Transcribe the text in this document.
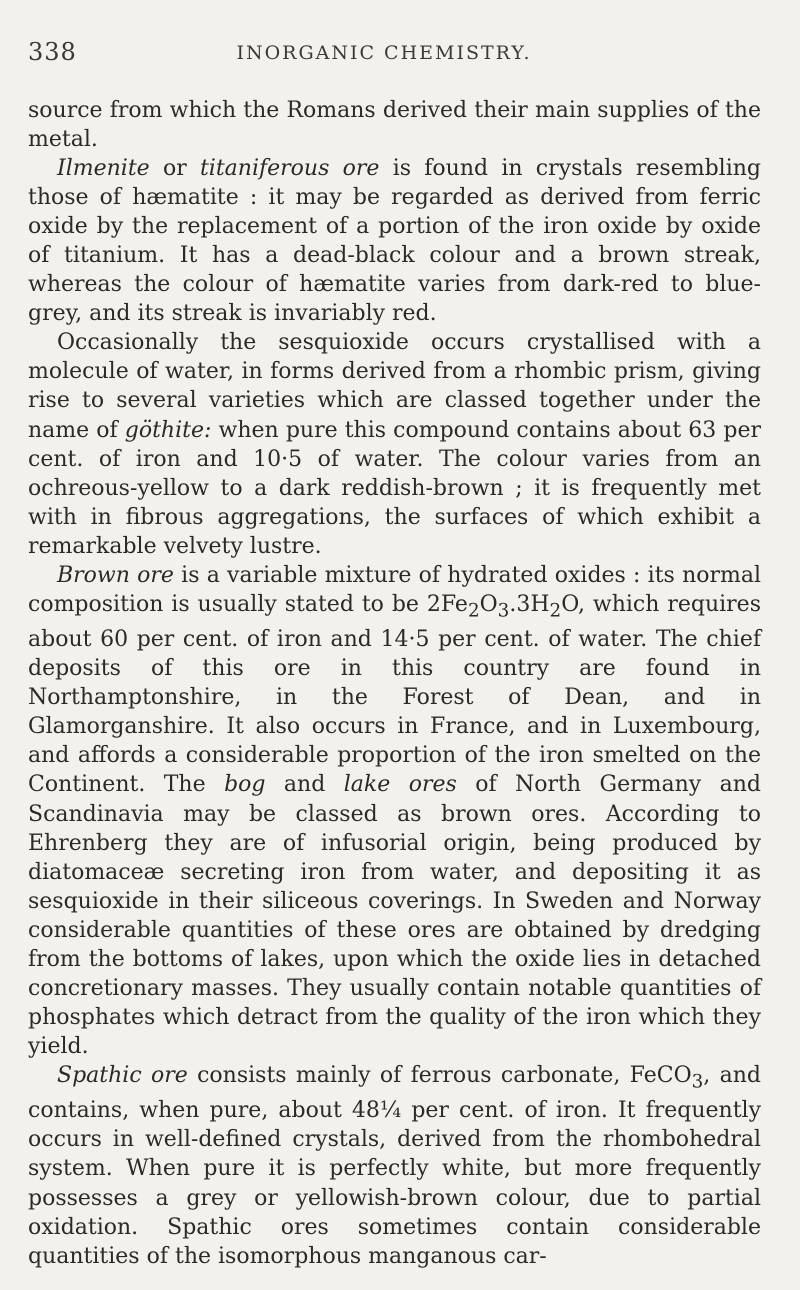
338	INORGANIC CHEMISTRY.

source from which the Romans derived their main supplies of the metal.

Ilmenite or titaniferous ore is found in crystals resembling those of hæmatite : it may be regarded as derived from ferric oxide by the replacement of a portion of the iron oxide by oxide of titanium. It has a dead-black colour and a brown streak, whereas the colour of hæmatite varies from dark-red to blue-grey, and its streak is invariably red.

Occasionally the sesquioxide occurs crystallised with a molecule of water, in forms derived from a rhombic prism, giving rise to several varieties which are classed together under the name of göthite: when pure this compound contains about 63 per cent. of iron and 10·5 of water. The colour varies from an ochreous-yellow to a dark reddish-brown ; it is frequently met with in fibrous aggregations, the surfaces of which exhibit a remarkable velvety lustre.

Brown ore is a variable mixture of hydrated oxides : its normal composition is usually stated to be $2Fe_2O_3.3H_2O$, which requires about 60 per cent. of iron and 14·5 per cent. of water. The chief deposits of this ore in this country are found in Northamptonshire, in the Forest of Dean, and in Glamorganshire. It also occurs in France, and in Luxembourg, and affords a considerable proportion of the iron smelted on the Continent. The bog and lake ores of North Germany and Scandinavia may be classed as brown ores. According to Ehrenberg they are of infusorial origin, being produced by diatomaceæ secreting iron from water, and depositing it as sesquioxide in their siliceous coverings. In Sweden and Norway considerable quantities of these ores are obtained by dredging from the bottoms of lakes, upon which the oxide lies in detached concretionary masses. They usually contain notable quantities of phosphates which detract from the quality of the iron which they yield.

Spathic ore consists mainly of ferrous carbonate, FeCO$_3$, and contains, when pure, about 48¼ per cent. of iron. It frequently occurs in well-defined crystals, derived from the rhombohedral system. When pure it is perfectly white, but more frequently possesses a grey or yellowish-brown colour, due to partial oxidation. Spathic ores sometimes contain considerable quantities of the isomorphous manganous car-
